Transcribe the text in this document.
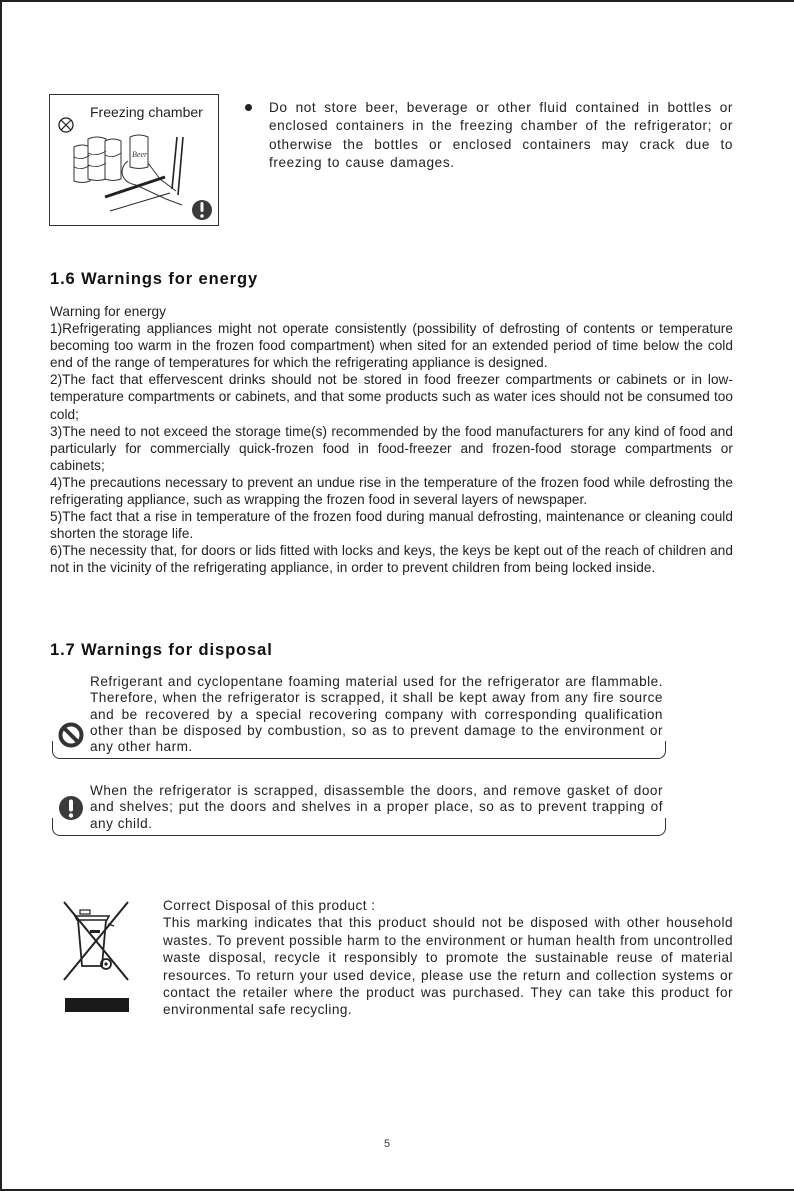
Freezing chamber
Beer
Do not store beer, beverage or other fluid contained in bottles or enclosed containers in the freezing chamber of the refrigerator; or otherwise the bottles or enclosed containers may crack due to freezing to cause damages.
1.6 Warnings for energy

Warning for energy

1)Refrigerating appliances might not operate consistently (possibility of defrosting of contents or temperature becoming too warm in the frozen food compartment) when sited for an extended period of time below the cold end of the range of temperatures for which the refrigerating appliance is designed.

2)The fact that effervescent drinks should not be stored in food freezer compartments or cabinets or in low-temperature compartments or cabinets, and that some products such as water ices should not be consumed too cold;

3)The need to not exceed the storage time(s) recommended by the food manufacturers for any kind of food and particularly for commercially quick-frozen food in food-freezer and frozen-food storage compartments or cabinets;

4)The precautions necessary to prevent an undue rise in the temperature of the frozen food while defrosting the refrigerating appliance, such as wrapping the frozen food in several layers of newspaper.

5)The fact that a rise in temperature of the frozen food during manual defrosting, maintenance or cleaning could shorten the storage life.

6)The necessity that, for doors or lids fitted with locks and keys, the keys be kept out of the reach of children and not in the vicinity of the refrigerating appliance, in order to prevent children from being locked inside.

1.7 Warnings for disposal
Refrigerant and cyclopentane foaming material used for the refrigerator are flammable. Therefore, when the refrigerator is scrapped, it shall be kept away from any fire source and be recovered by a special recovering company with corresponding qualification other than be disposed by combustion, so as to prevent damage to the environment or any other harm.
When the refrigerator is scrapped, disassemble the doors, and remove gasket of door and shelves; put the doors and shelves in a proper place, so as to prevent trapping of any child.

Correct Disposal of this product :

This marking indicates that this product should not be disposed with other household wastes. To prevent possible harm to the environment or human health from uncontrolled waste disposal, recycle it responsibly to promote the sustainable reuse of material resources. To return your used device, please use the return and collection systems or contact the retailer where the product was purchased. They can take this product for environmental safe recycling.

5
